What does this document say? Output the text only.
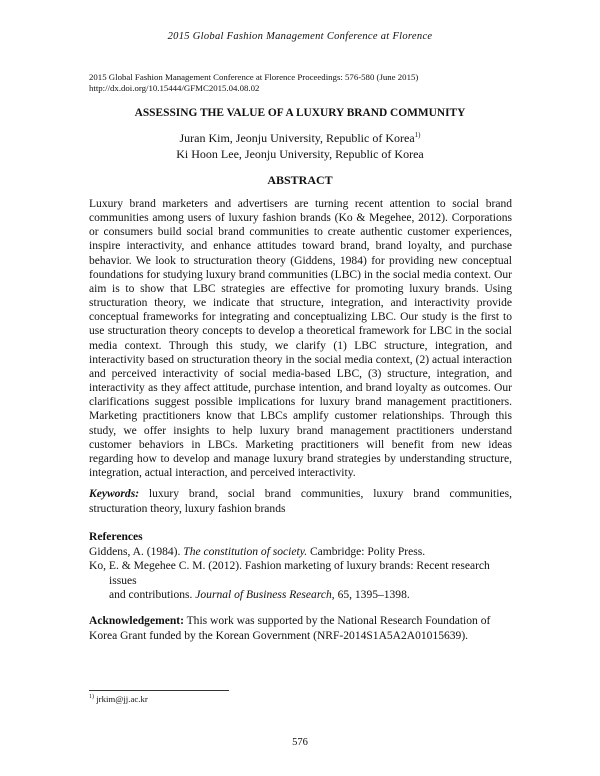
2015 Global Fashion Management Conference at Florence
2015 Global Fashion Management Conference at Florence Proceedings: 576-580 (June 2015)
http://dx.doi.org/10.15444/GFMC2015.04.08.02
ASSESSING THE VALUE OF A LUXURY BRAND COMMUNITY
Juran Kim, Jeonju University, Republic of Korea$^{1)}$
Ki Hoon Lee, Jeonju University, Republic of Korea
ABSTRACT

Luxury brand marketers and advertisers are turning recent attention to social brand communities among users of luxury fashion brands (Ko & Megehee, 2012). Corporations or consumers build social brand communities to create authentic customer experiences, inspire interactivity, and enhance attitudes toward brand, brand loyalty, and purchase behavior. We look to structuration theory (Giddens, 1984) for providing new conceptual foundations for studying luxury brand communities (LBC) in the social media context. Our aim is to show that LBC strategies are effective for promoting luxury brands. Using structuration theory, we indicate that structure, integration, and interactivity provide conceptual frameworks for integrating and conceptualizing LBC. Our study is the first to use structuration theory concepts to develop a theoretical framework for LBC in the social media context. Through this study, we clarify (1) LBC structure, integration, and interactivity based on structuration theory in the social media context, (2) actual interaction and perceived interactivity of social media-based LBC, (3) structure, integration, and interactivity as they affect attitude, purchase intention, and brand loyalty as outcomes. Our clarifications suggest possible implications for luxury brand management practitioners. Marketing practitioners know that LBCs amplify customer relationships. Through this study, we offer insights to help luxury brand management practitioners understand customer behaviors in LBCs. Marketing practitioners will benefit from new ideas regarding how to develop and manage luxury brand strategies by understanding structure, integration, actual interaction, and perceived interactivity.

Keywords: luxury brand, social brand communities, luxury brand communities, structuration theory, luxury fashion brands

References
Giddens, A. (1984). The constitution of society. Cambridge: Polity Press.
Ko, E. & Megehee C. M. (2012). Fashion marketing of luxury brands: Recent research
issues
and contributions. Journal of Business Research, 65, 1395–1398.

Acknowledgement: This work was supported by the National Research Foundation of Korea Grant funded by the Korean Government (NRF-2014S1A5A2A01015639).

$^{1)}$ jrkim@jj.ac.kr
576
